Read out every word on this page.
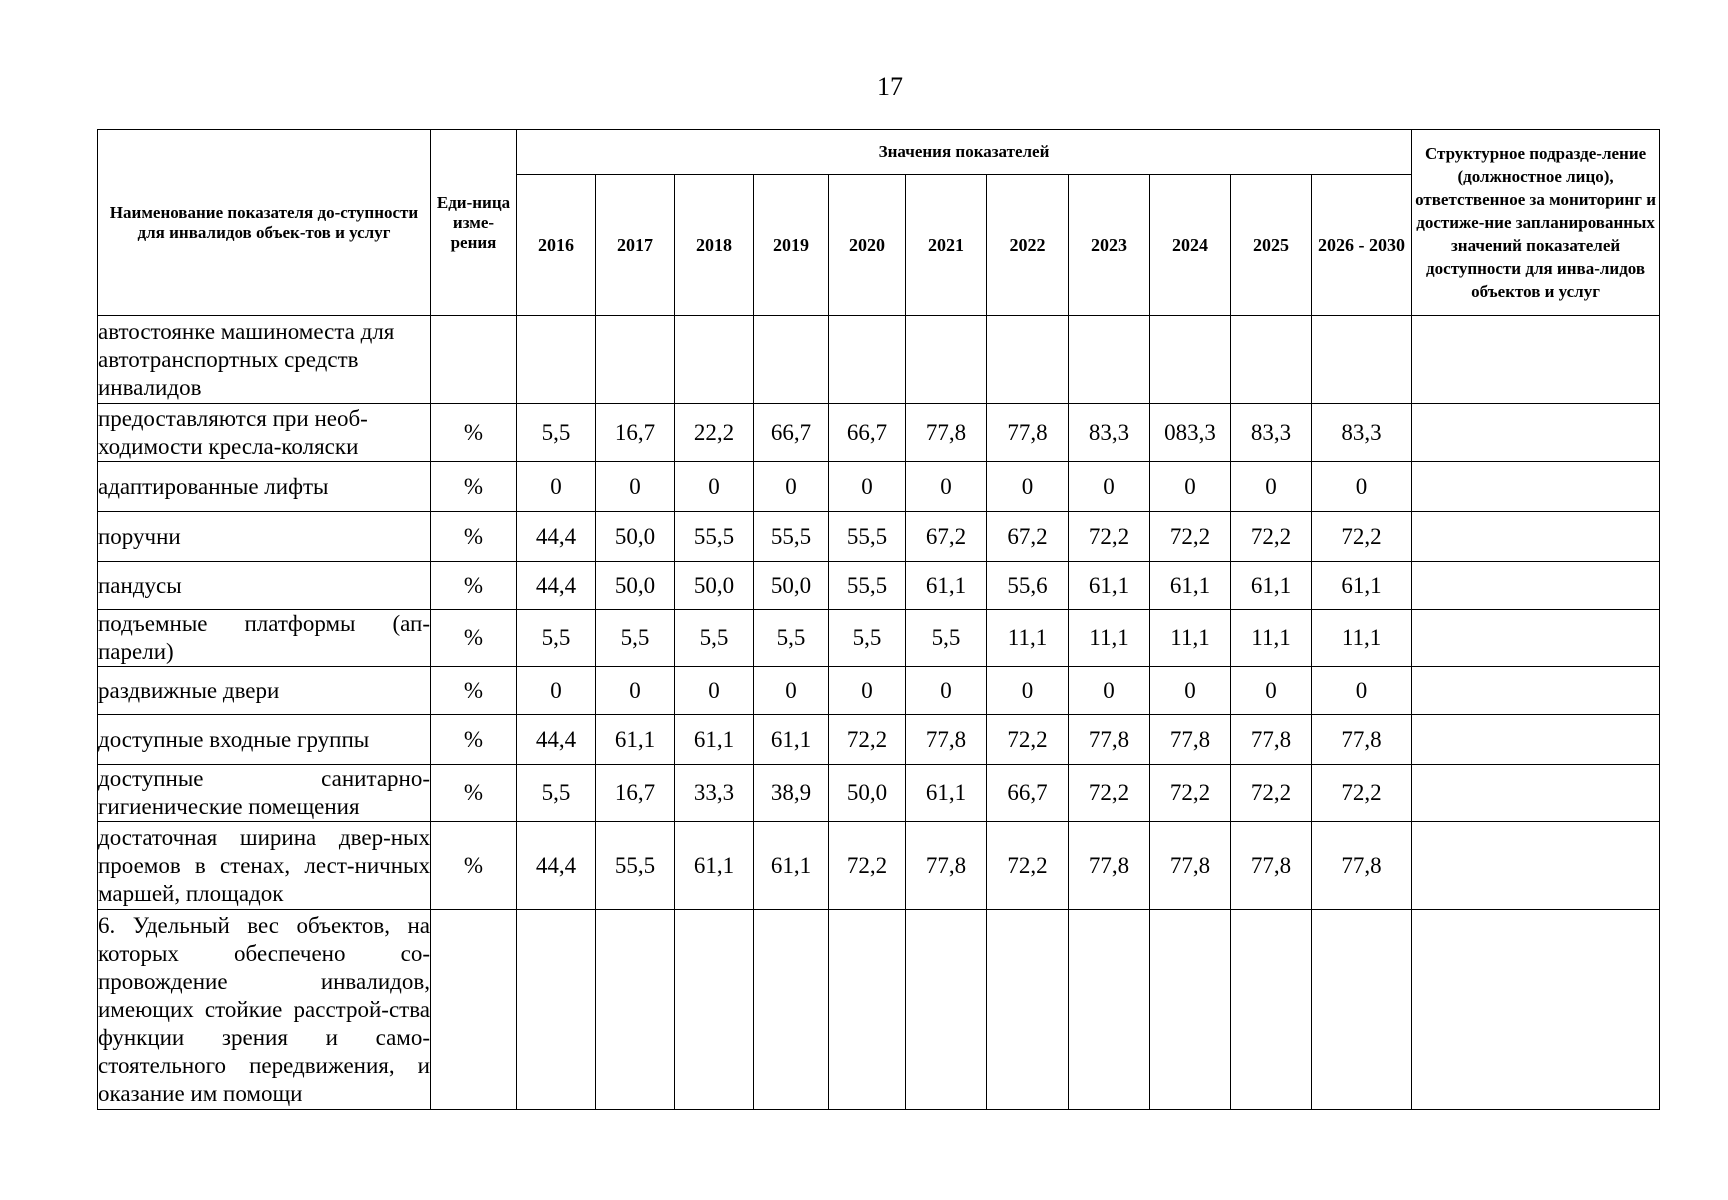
17
Наименование показателя до-ступности для инвалидов объек-тов и услуг	Еди-ница изме-рения	Значения показателей											Структурное подразде-ление (должностное лицо), ответственное за мониторинг и достиже-ние запланированных значений показателей доступности для инва-лидов объектов и услуг
		2016	2017	2018	2019	2020	2021	2022	2023	2024	2025	2026 - 2030	
автостоянке машиноместа для автотранспортных средств инвалидов													
предоставляются при необ-ходимости кресла-коляски	%	5,5	16,7	22,2	66,7	66,7	77,8	77,8	83,3	083,3	83,3	83,3	
адаптированные лифты	%	0	0	0	0	0	0	0	0	0	0	0	
поручни	%	44,4	50,0	55,5	55,5	55,5	67,2	67,2	72,2	72,2	72,2	72,2	
пандусы	%	44,4	50,0	50,0	50,0	55,5	61,1	55,6	61,1	61,1	61,1	61,1	
подъемные платформы (ап-парели)	%	5,5	5,5	5,5	5,5	5,5	5,5	11,1	11,1	11,1	11,1	11,1	
раздвижные двери	%	0	0	0	0	0	0	0	0	0	0	0	
доступные входные группы	%	44,4	61,1	61,1	61,1	72,2	77,8	72,2	77,8	77,8	77,8	77,8	
доступные санитарно-гигиенические помещения	%	5,5	16,7	33,3	38,9	50,0	61,1	66,7	72,2	72,2	72,2	72,2	
достаточная ширина двер-ных проемов в стенах, лест-ничных маршей, площадок	%	44,4	55,5	61,1	61,1	72,2	77,8	72,2	77,8	77,8	77,8	77,8	
6. Удельный вес объектов, на которых обеспечено со-провождение инвалидов, имеющих стойкие расстрой-ства функции зрения и само-стоятельного передвижения, и оказание им помощи													
